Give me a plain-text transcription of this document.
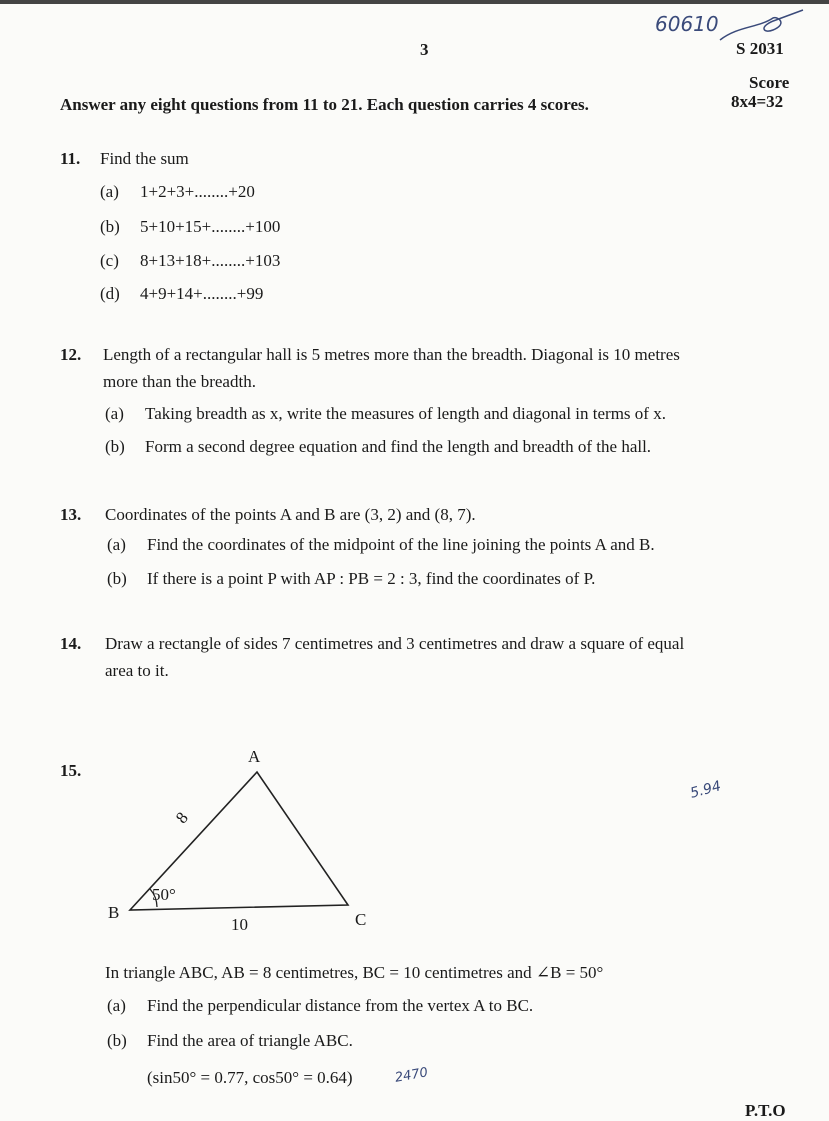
3
60610
S 2031
Score
8x4=32
Answer any eight questions from 11 to 21. Each question carries 4 scores.
11. Find the sum
(a) 1+2+3+........+20
(b) 5+10+15+........+100
(c) 8+13+18+........+103
(d) 4+9+14+........+99
12. Length of a rectangular hall is 5 metres more than the breadth. Diagonal is 10 metres
more than the breadth.
(a) Taking breadth as x, write the measures of length and diagonal in terms of x.
(b) Form a second degree equation and find the length and breadth of the hall.
13. Coordinates of the points A and B are (3, 2) and (8, 7).
(a) Find the coordinates of the midpoint of the line joining the points A and B.
(b) If there is a point P with AP : PB = 2 : 3, find the coordinates of P.
14. Draw a rectangle of sides 7 centimetres and 3 centimetres and draw a square of equal
area to it.
15.
A
B	C
8
10
50°
In triangle ABC, AB = 8 centimetres, BC = 10 centimetres and ∠B = 50°
(a) Find the perpendicular distance from the vertex A to BC.
(b) Find the area of triangle ABC.
(sin50° = 0.77, cos50° = 0.64)
5.94
2470
P.T.O
